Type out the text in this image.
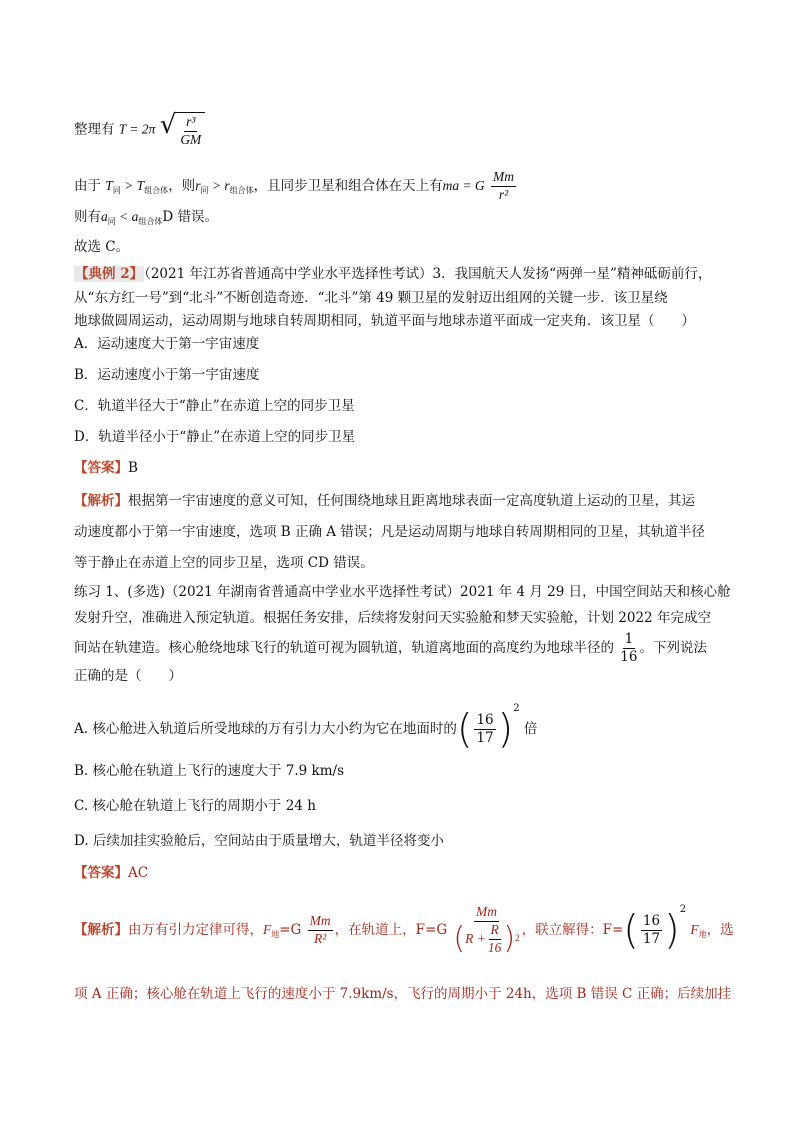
整理有 T = 2π √ $\frac{\text{r³}}{GM}$
由于 $T_同 > T_{组合体}$，则$r_同 > r_{组合体}$，且同步卫星和组合体在天上有ma = G $\frac{Mm}{\text{r²}}$
则有$a_同 < a_{组合体}D$ 错误。
故选 C。
【典例 2】（2021 年江苏省普通高中学业水平选择性考试）3．我国航天人发扬“两弹一星”精神砥砺前行，
从“东方红一号”到“北斗”不断创造奇迹．“北斗”第 49 颗卫星的发射迈出组网的关键一步．该卫星绕
地球做圆周运动，运动周期与地球自转周期相同，轨道平面与地球赤道平面成一定夹角．该卫星（　　）
A．运动速度大于第一宇宙速度
B．运动速度小于第一宇宙速度
C．轨道半径大于“静止”在赤道上空的同步卫星
D．轨道半径小于“静止”在赤道上空的同步卫星
【答案】B
【解析】根据第一宇宙速度的意义可知，任何围绕地球且距离地球表面一定高度轨道上运动的卫星，其运
动速度都小于第一宇宙速度，选项 B 正确 A 错误；凡是运动周期与地球自转周期相同的卫星，其轨道半径
等于静止在赤道上空的同步卫星，选项 CD 错误。
练习 1、(多选)（2021 年湖南省普通高中学业水平选择性考试）2021 年 4 月 29 日，中国空间站天和核心舱
发射升空，准确进入预定轨道。根据任务安排，后续将发射问天实验舱和梦天实验舱，计划 2022 年完成空
间站在轨建造。核心舱绕地球飞行的轨道可视为圆轨道，轨道离地面的高度约为地球半径的 $\frac{1}{16}$ 。下列说法
正确的是（　　）
A. 核心舱进入轨道后所受地球的万有引力大小约为它在地面时的( $\frac{16}{17} )^2$ 倍
B. 核心舱在轨道上飞行的速度大于 7.9 km/s
C. 核心舱在轨道上飞行的周期小于 24 h
D. 后续加挂实验舱后，空间站由于质量增大，轨道半径将变小
【答案】AC
【解析】由万有引力定律可得，$F_地=G \frac{Mm}{\text{R²}}$ ，在轨道上，$F=G \frac{Mm}{( R + \frac{R}{16} ) 2}$ ，联立解得：$F=( \frac{16}{17} )^2$ $F_地$，选
项 A 正确；核心舱在轨道上飞行的速度小于 7.9km/s，飞行的周期小于 24h，选项 B 错误 C 正确；后续加挂
